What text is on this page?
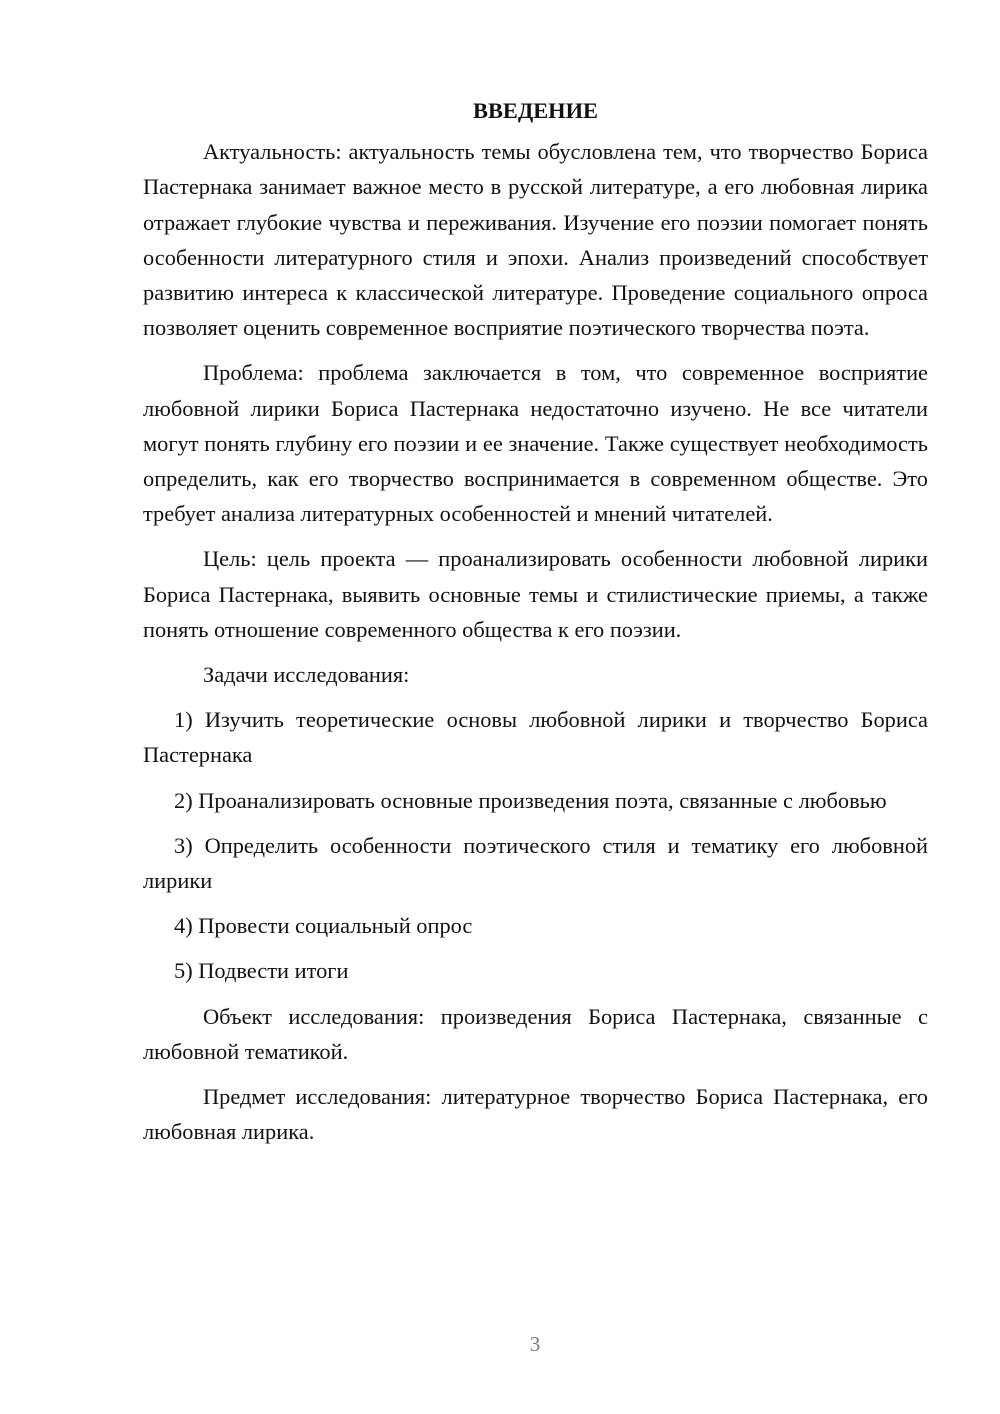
ВВЕДЕНИЕ

Актуальность: актуальность темы обусловлена тем, что творчество Бориса Пастернака занимает важное место в русской литературе, а его любовная лирика отражает глубокие чувства и переживания. Изучение его поэзии помогает понять особенности литературного стиля и эпохи. Анализ произведений способствует развитию интереса к классической литературе. Проведение социального опроса позволяет оценить современное восприятие поэтического творчества поэта.

Проблема: проблема заключается в том, что современное восприятие любовной лирики Бориса Пастернака недостаточно изучено. Не все читатели могут понять глубину его поэзии и ее значение. Также существует необходимость определить, как его творчество воспринимается в современном обществе. Это требует анализа литературных особенностей и мнений читателей.

Цель: цель проекта — проанализировать особенности любовной лирики Бориса Пастернака, выявить основные темы и стилистические приемы, а также понять отношение современного общества к его поэзии.

Задачи исследования:

1) Изучить теоретические основы любовной лирики и творчество Бориса Пастернака

2) Проанализировать основные произведения поэта, связанные с любовью

3) Определить особенности поэтического стиля и тематику его любовной лирики

4) Провести социальный опрос

5) Подвести итоги

Объект исследования: произведения Бориса Пастернака, связанные с любовной тематикой.

Предмет исследования: литературное творчество Бориса Пастернака, его любовная лирика.

3
